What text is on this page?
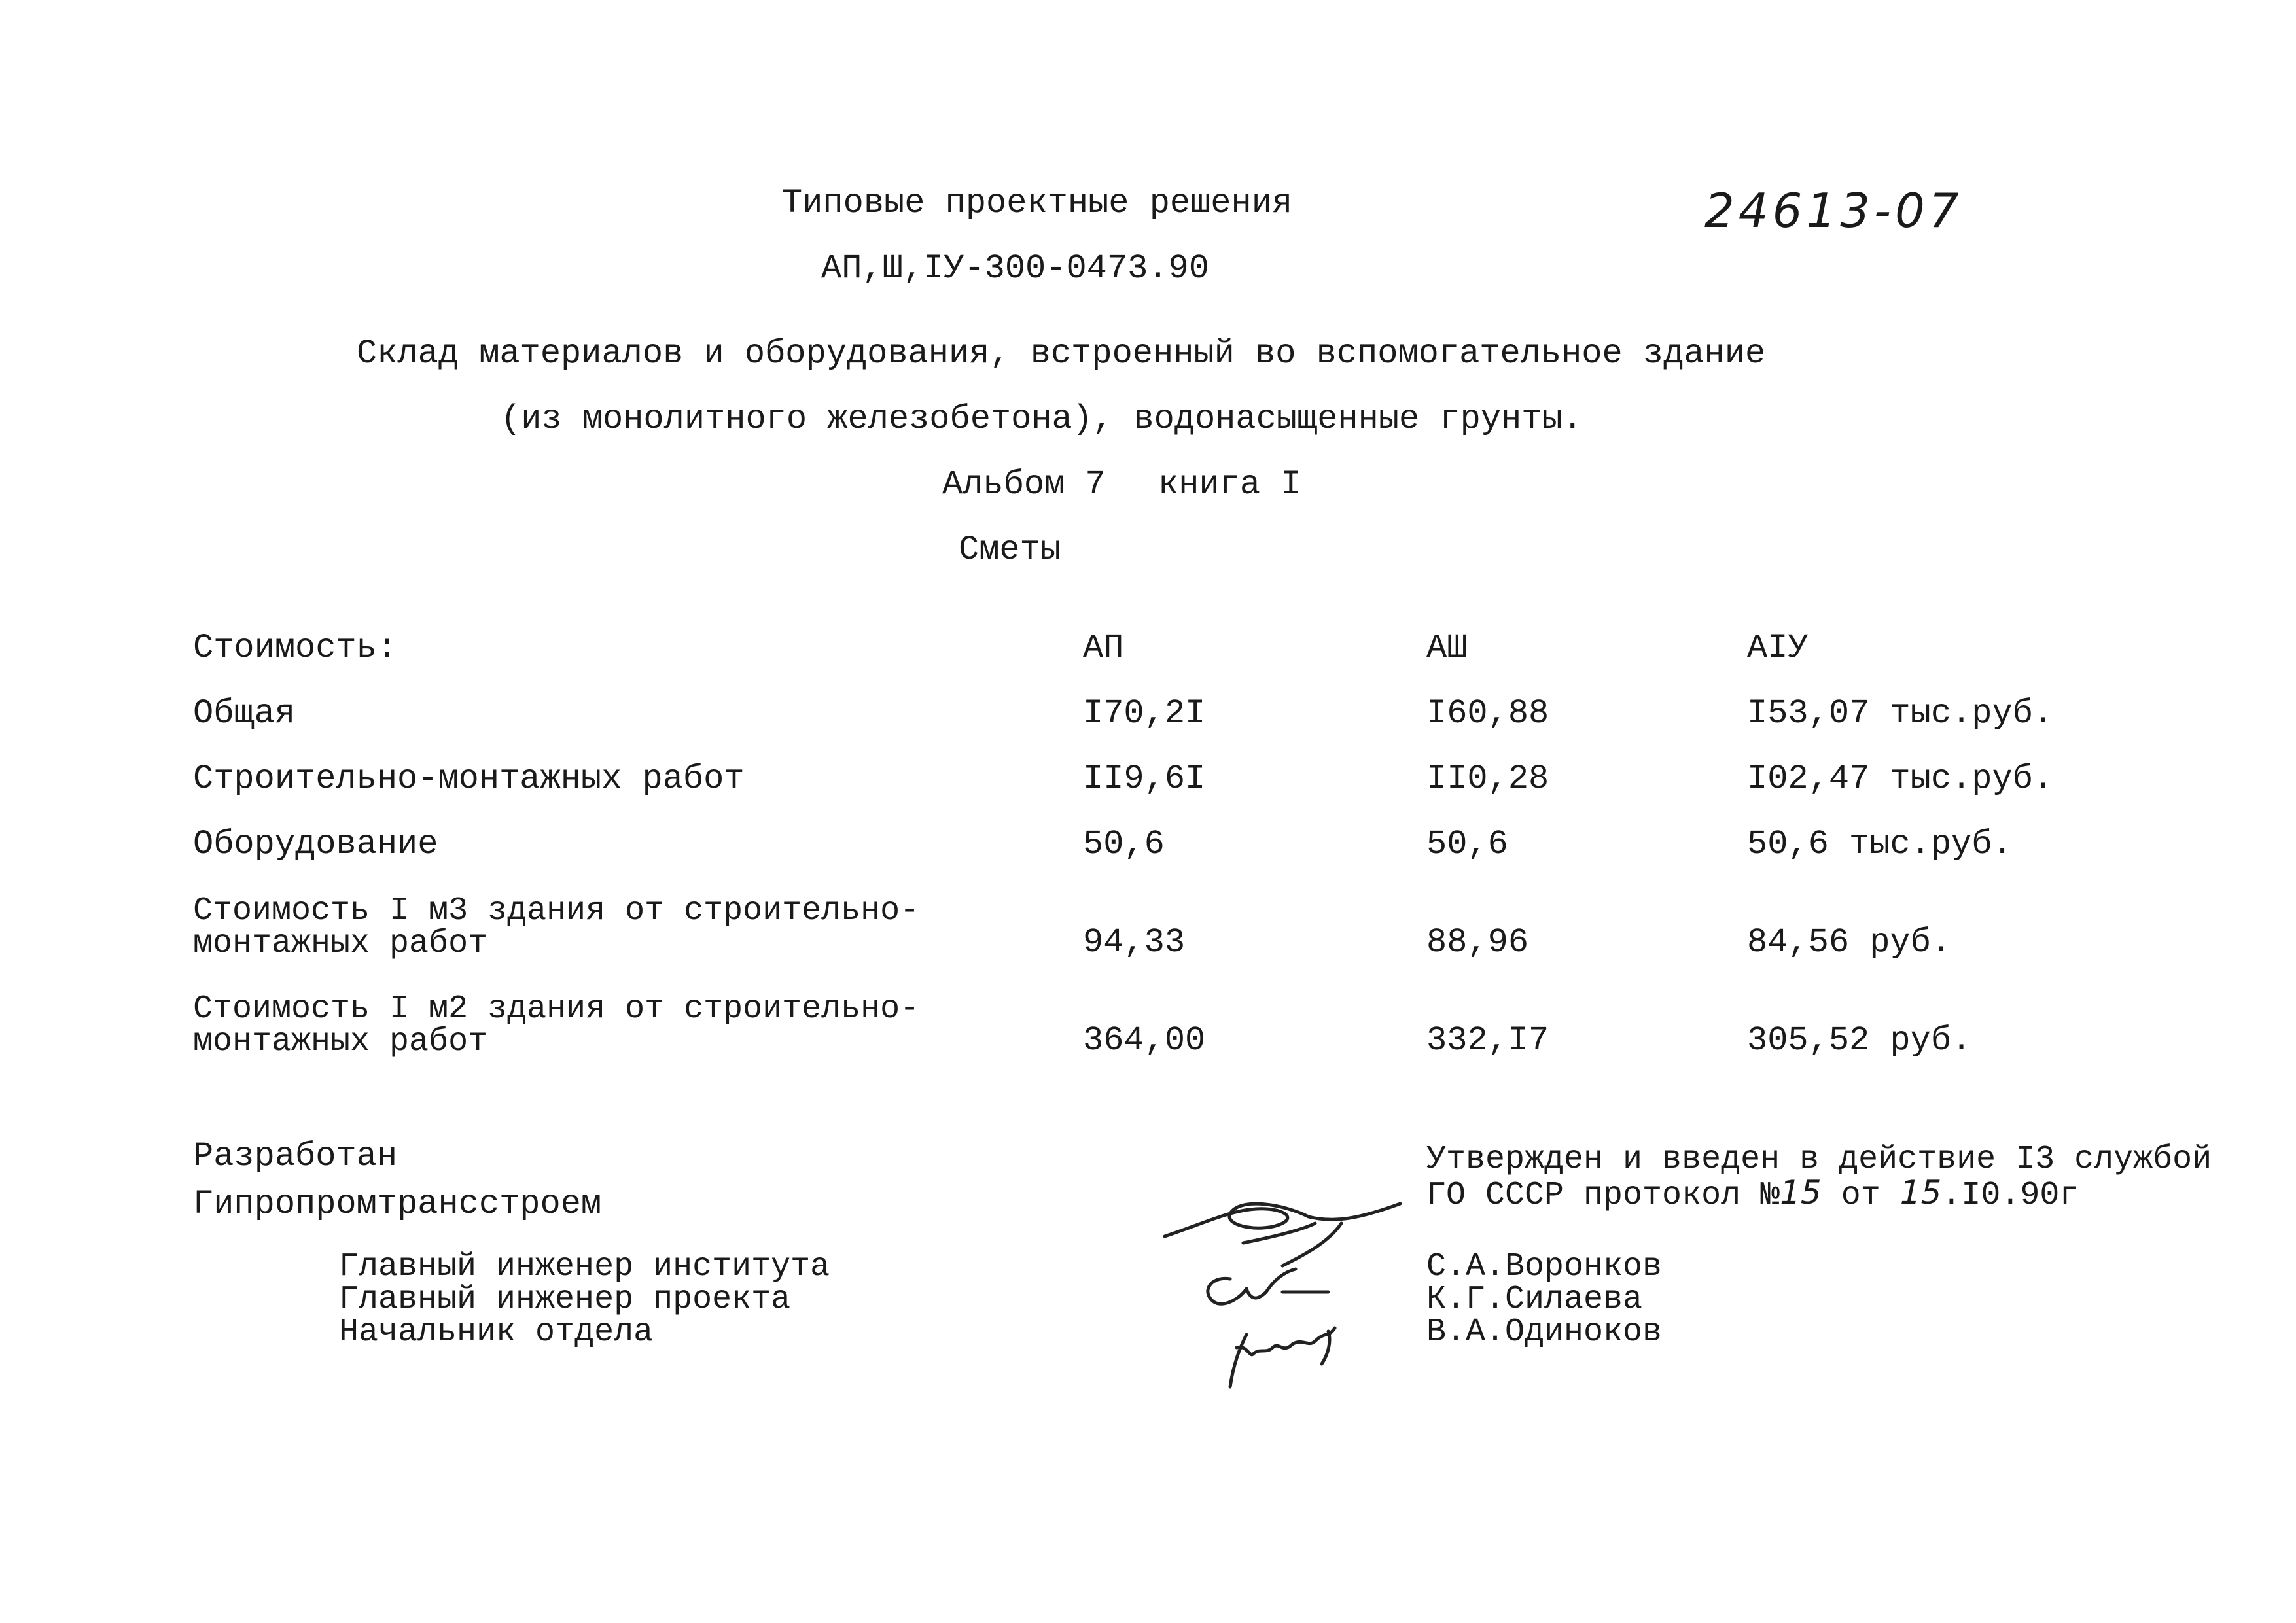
Типовые проектные решения	24613-07
АП,Ш,IУ-300-0473.90
Склад материалов и оборудования, встроенный во вспомогательное здание
(из монолитного железобетона), водонасыщенные грунты.
Альбом 7 книга I
Сметы
Стоимость:	АП	АШ	АIУ
Общая	I70,2I	I60,88	I53,07 тыс.руб.
Строительно-монтажных работ	II9,6I	II0,28	I02,47 тыс.руб.
Оборудование	50,6	50,6	50,6 тыс.руб.
Стоимость I м3 здания от строительно-
монтажных работ	94,33	88,96	84,56 руб.
Стоимость I м2 здания от строительно-
монтажных работ	364,00	332,I7	305,52 руб.
Разработан
Гипропромтрансстроем
Главный инженер института
Главный инженер проекта
Начальник отдела
Утвержден и введен в действие I3 службой
ГО СССР протокол №15 от 15.I0.90г
С.А.Воронков
К.Г.Силаева
В.А.Одиноков
